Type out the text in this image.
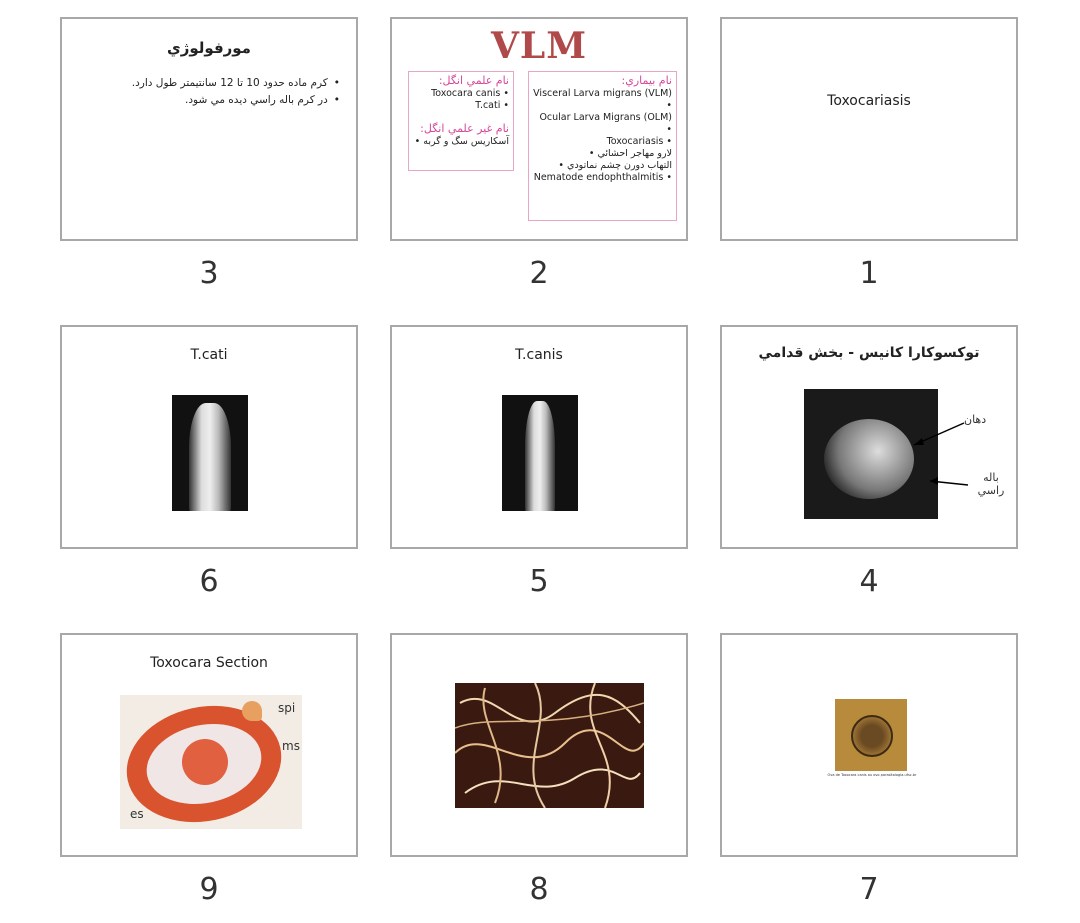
مورفولوژي
• كرم ماده حدود 10 تا 12 سانتيمتر طول دارد.
• در كرم باله راسي ديده مي شود.
3
VLM
نام علمي انگل:
Toxocara canis •
T.cati •
نام غير علمي انگل:
آسكاريس سگ و گربه •
نام بيماري:
Visceral Larva migrans (VLM) •
Ocular Larva Migrans (OLM) •
Toxocariasis •
لارو مهاجر احشائي •
التهاب دورن چشم نماتودي •
Nematode endophthalmitis •
2
Toxocariasis
1
T.cati
6
T.canis
5
توكسوكارا كانيس - بخش قدامي
دهان
باله راسي
4
Toxocara Section
spi
ms
es
9	8
Ova de Toxocara canis ou ovo parasitologia.ufsc.br
7
